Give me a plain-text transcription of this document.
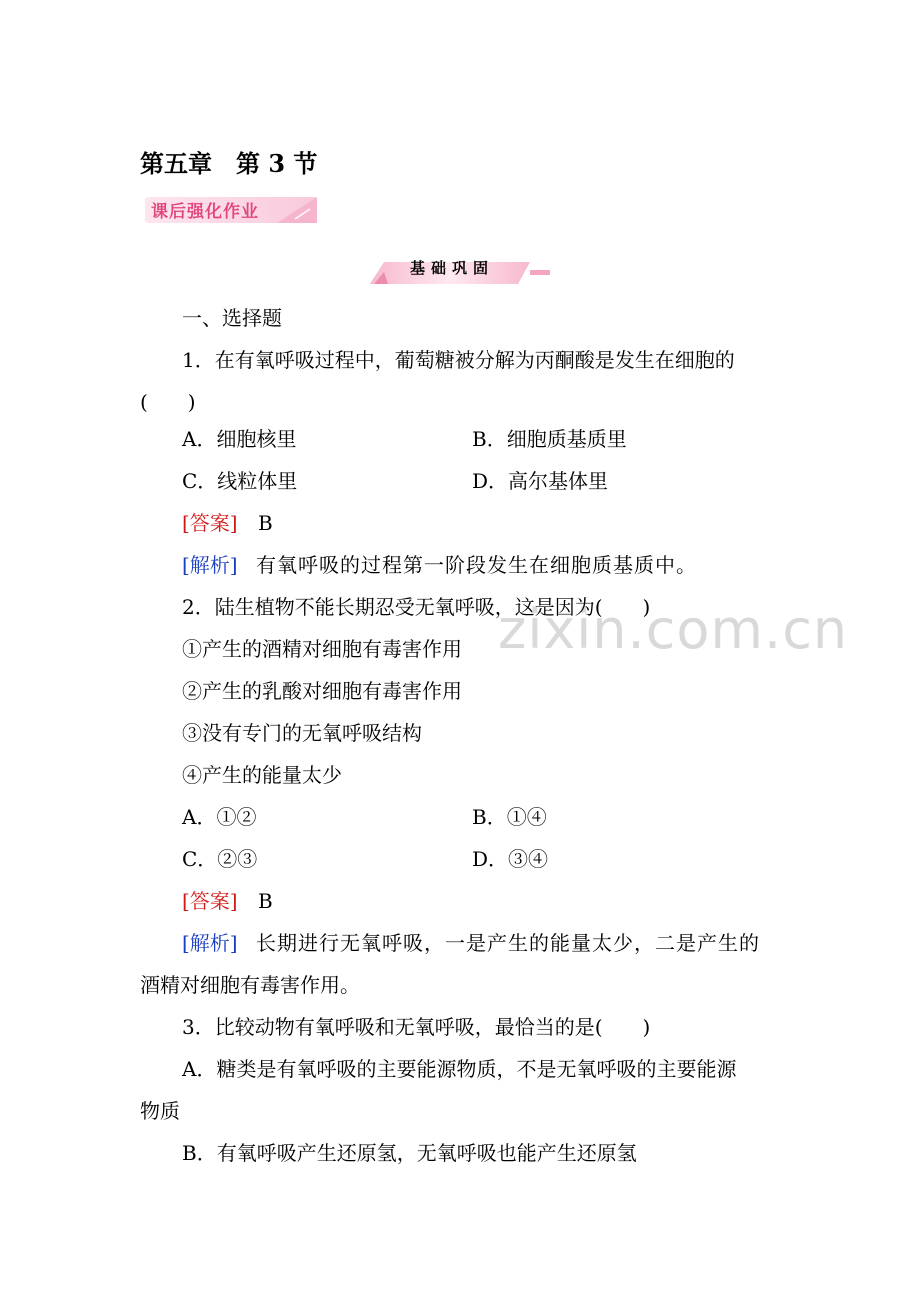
第五章　第 3 节
课后强化作业
基础巩固
zixin.com.cn
一、选择题
1．在有氧呼吸过程中，葡萄糖被分解为丙酮酸是发生在细胞的
(　　)
A．细胞核里	B．细胞质基质里
C．线粒体里	D．高尔基体里
[答案] B
[解析] 有氧呼吸的过程第一阶段发生在细胞质基质中。
2．陆生植物不能长期忍受无氧呼吸，这是因为(　　)
①产生的酒精对细胞有毒害作用
②产生的乳酸对细胞有毒害作用
③没有专门的无氧呼吸结构
④产生的能量太少
A．①②	B．①④
C．②③	D．③④
[答案] B
[解析] 长期进行无氧呼吸，一是产生的能量太少，二是产生的
酒精对细胞有毒害作用。
3．比较动物有氧呼吸和无氧呼吸，最恰当的是(　　)
A．糖类是有氧呼吸的主要能源物质，不是无氧呼吸的主要能源
物质
B．有氧呼吸产生还原氢，无氧呼吸也能产生还原氢
